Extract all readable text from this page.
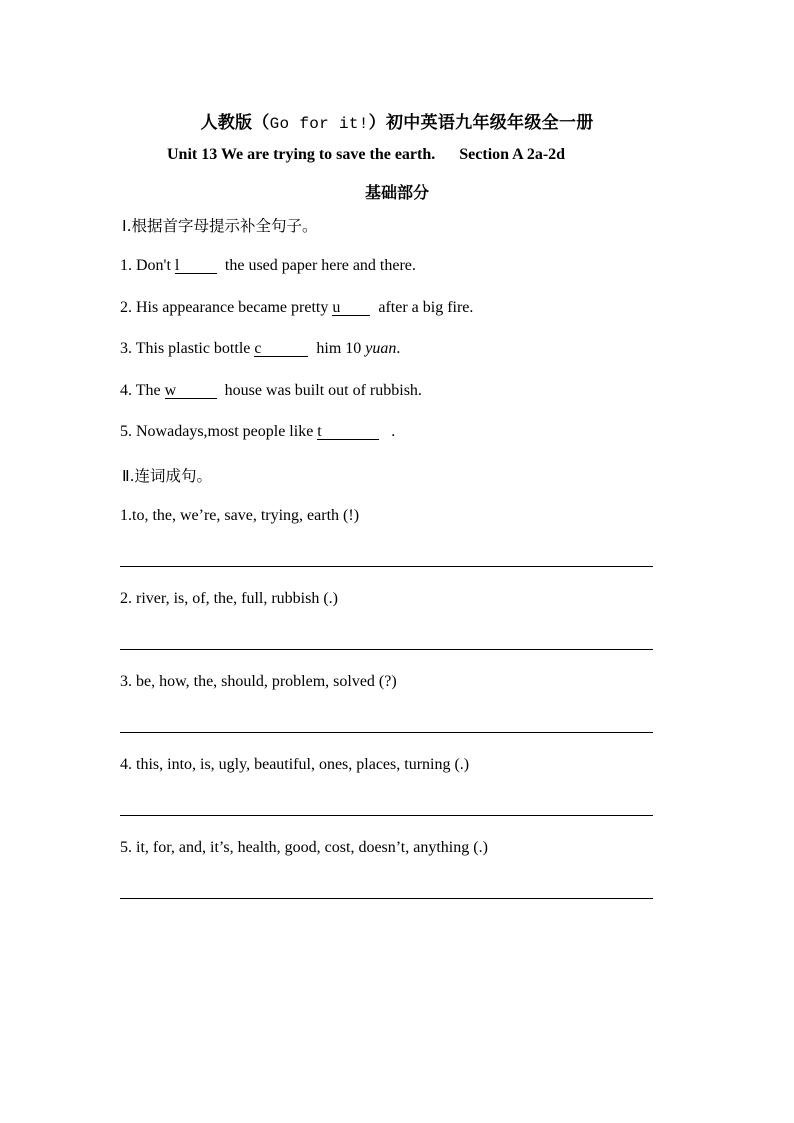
人教版（Go for it!）初中英语九年级年级全一册
Unit 13 We are trying to save the earth. Section A 2a-2d
基础部分
Ⅰ.根据首字母提示补全句子。
1. Don't l	the used paper here and there.
2. His appearance became pretty u after a big fire.
3. This plastic bottle c	him 10 yuan.
4. The w	house was built out of rubbish.
5. Nowadays,most people like t	.
Ⅱ.连词成句。
1.to, the, we’re, save, trying, earth (!)
2. river, is, of, the, full, rubbish (.)
3. be, how, the, should, problem, solved (?)
4. this, into, is, ugly, beautiful, ones, places, turning (.)
5. it, for, and, it’s, health, good, cost, doesn’t, anything (.)
